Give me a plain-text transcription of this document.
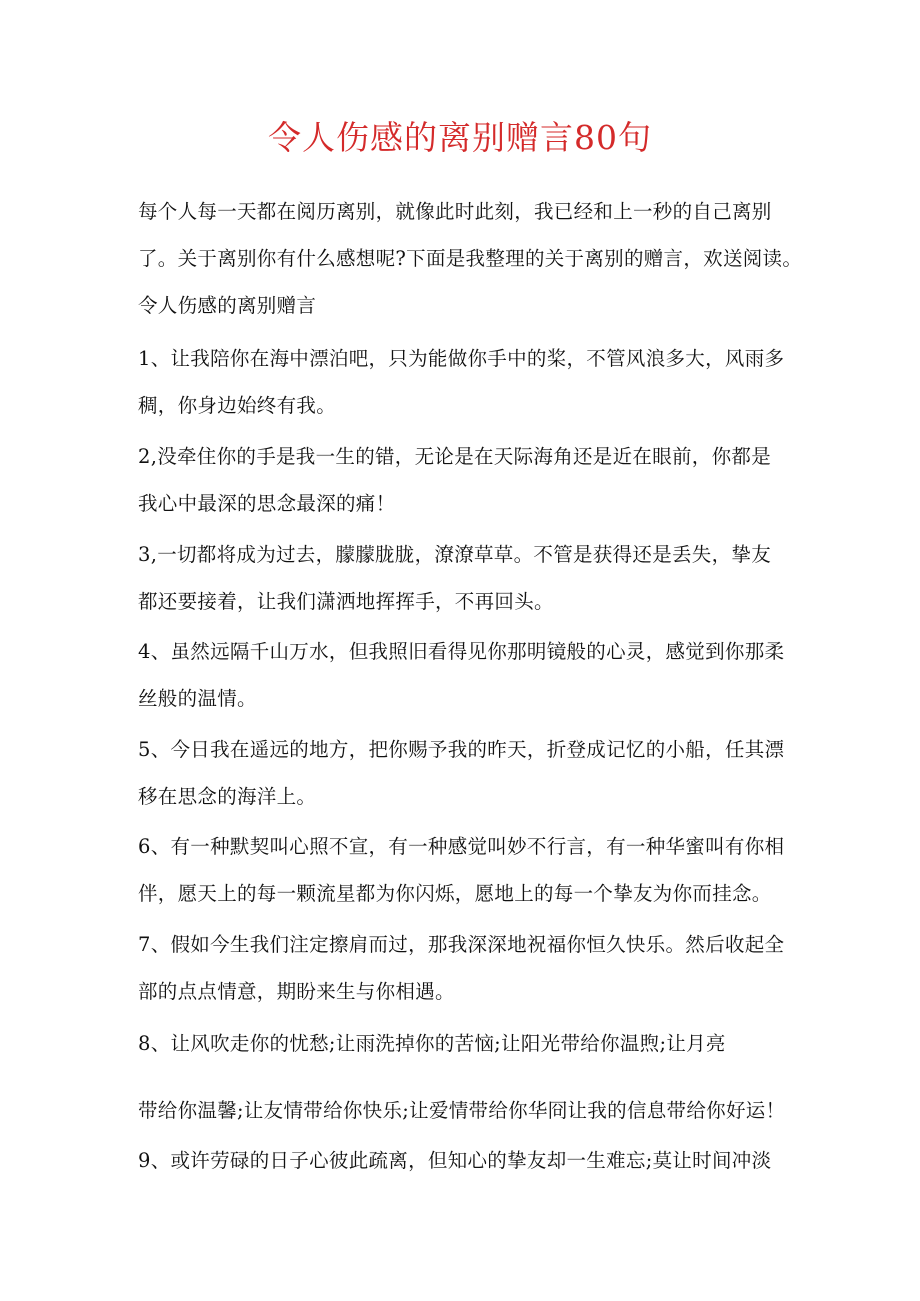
令人伤感的离别赠言80句

每个人每一天都在阅历离别，就像此时此刻，我已经和上一秒的自己离别

了。关于离别你有什么感想呢?下面是我整理的关于离别的赠言，欢送阅读。

令人伤感的离别赠言

1、让我陪你在海中漂泊吧，只为能做你手中的桨，不管风浪多大，风雨多

稠，你身边始终有我。

2,没牵住你的手是我一生的错，无论是在天际海角还是近在眼前，你都是

我心中最深的思念最深的痛！

3,一切都将成为过去，朦朦胧胧，潦潦草草。不管是获得还是丢失，挚友

都还要接着，让我们潇洒地挥挥手，不再回头。

4、虽然远隔千山万水，但我照旧看得见你那明镜般的心灵，感觉到你那柔

丝般的温情。

5、今日我在遥远的地方，把你赐予我的昨天，折登成记忆的小船，任其漂

移在思念的海洋上。

6、有一种默契叫心照不宣，有一种感觉叫妙不行言，有一种华蜜叫有你相

伴，愿天上的每一颗流星都为你闪烁，愿地上的每一个挚友为你而挂念。

7、假如今生我们注定擦肩而过，那我深深地祝福你恒久快乐。然后收起全

部的点点情意，期盼来生与你相遇。

8、让风吹走你的忧愁;让雨洗掉你的苦恼;让阳光带给你温煦;让月亮

带给你温馨;让友情带给你快乐;让爱情带给你华冏让我的信息带给你好运！

9、或许劳碌的日子心彼此疏离，但知心的挚友却一生难忘;莫让时间冲淡
